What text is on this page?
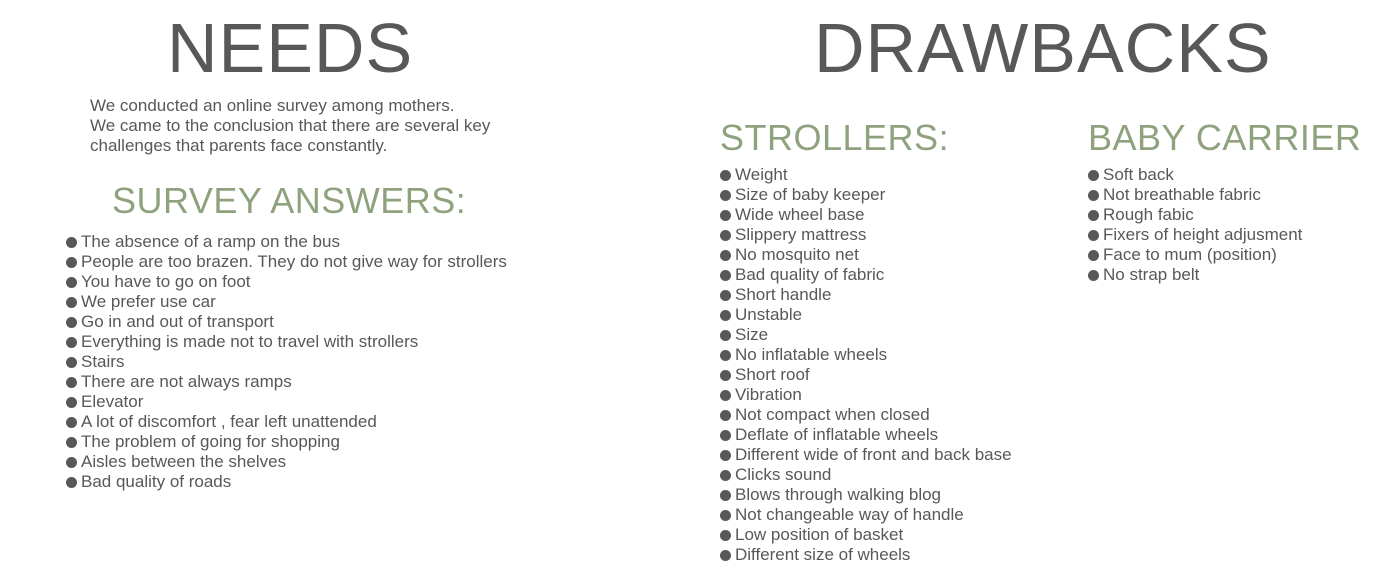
NEEDS	DRAWBACKS
We conducted an online survey among mothers.
We came to the conclusion that there are several key
challenges that parents face constantly.
SURVEY ANSWERS:
The absence of a ramp on the bus
People are too brazen. They do not give way for strollers
You have to go on foot
We prefer use car
Go in and out of transport
Everything is made not to travel with strollers
Stairs
There are not always ramps
Elevator
A lot of discomfort , fear left unattended
The problem of going for shopping
Aisles between the shelves
Bad quality of roads
STROLLERS:
Weight
Size of baby keeper
Wide wheel base
Slippery mattress
No mosquito net
Bad quality of fabric
Short handle
Unstable
Size
No inflatable wheels
Short roof
Vibration
Not compact when closed
Deflate of inflatable wheels
Different wide of front and back base
Clicks sound
Blows through walking blog
Not changeable way of handle
Low position of basket
Different size of wheels
BABY CARRIER
Soft back
Not breathable fabric
Rough fabic
Fixers of height adjusment
Face to mum (position)
No strap belt
